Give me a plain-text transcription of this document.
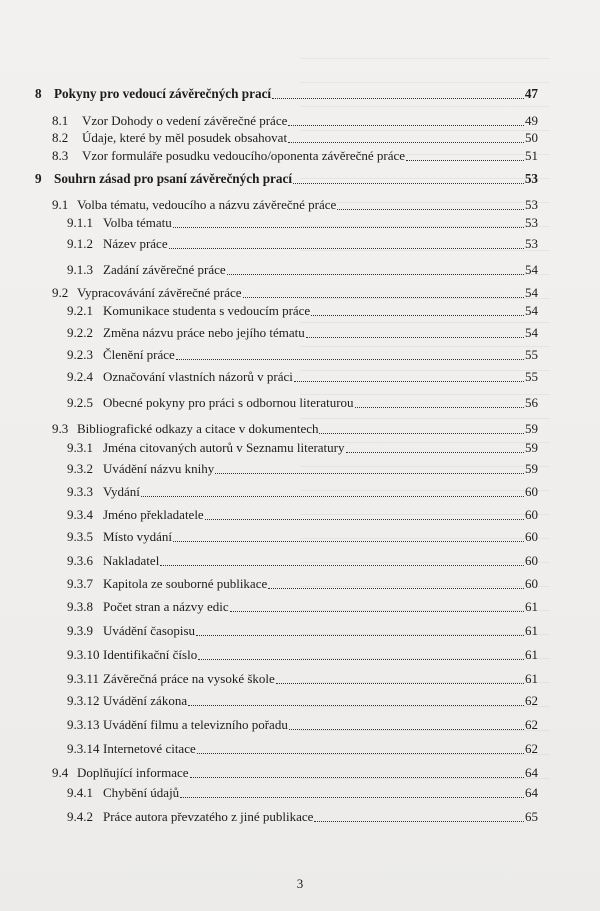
8 Pokyny pro vedoucí závěrečných prací	47
8.1	Vzor Dohody o vedení závěrečné práce	49
8.2	Údaje, které by měl posudek obsahovat	50
8.3	Vzor formuláře posudku vedoucího/oponenta závěrečné práce	51
9 Souhrn zásad pro psaní závěrečných prací	53
9.1 Volba tématu, vedoucího a názvu závěrečné práce	53
9.1.1 Volba tématu	53
9.1.2 Název práce	53
9.1.3 Zadání závěrečné práce	54
9.2 Vypracovávání závěrečné práce	54
9.2.1 Komunikace studenta s vedoucím práce	54
9.2.2 Změna názvu práce nebo jejího tématu	54
9.2.3 Členění práce	55
9.2.4 Označování vlastních názorů v práci	55
9.2.5 Obecné pokyny pro práci s odbornou literaturou	56
9.3 Bibliografické odkazy a citace v dokumentech	59
9.3.1 Jména citovaných autorů v Seznamu literatury	59
9.3.2 Uvádění názvu knihy	59
9.3.3 Vydání	60
9.3.4 Jméno překladatele	60
9.3.5 Místo vydání	60
9.3.6 Nakladatel	60
9.3.7 Kapitola ze souborné publikace	60
9.3.8 Počet stran a názvy edic	61
9.3.9 Uvádění časopisu	61
9.3.10 Identifikační číslo	61
9.3.11 Závěrečná práce na vysoké škole	61
9.3.12 Uvádění zákona	62
9.3.13 Uvádění filmu a televizního pořadu	62
9.3.14 Internetové citace	62
9.4 Doplňující informace	64
9.4.1 Chybění údajů	64
9.4.2 Práce autora převzatého z jiné publikace	65
3
